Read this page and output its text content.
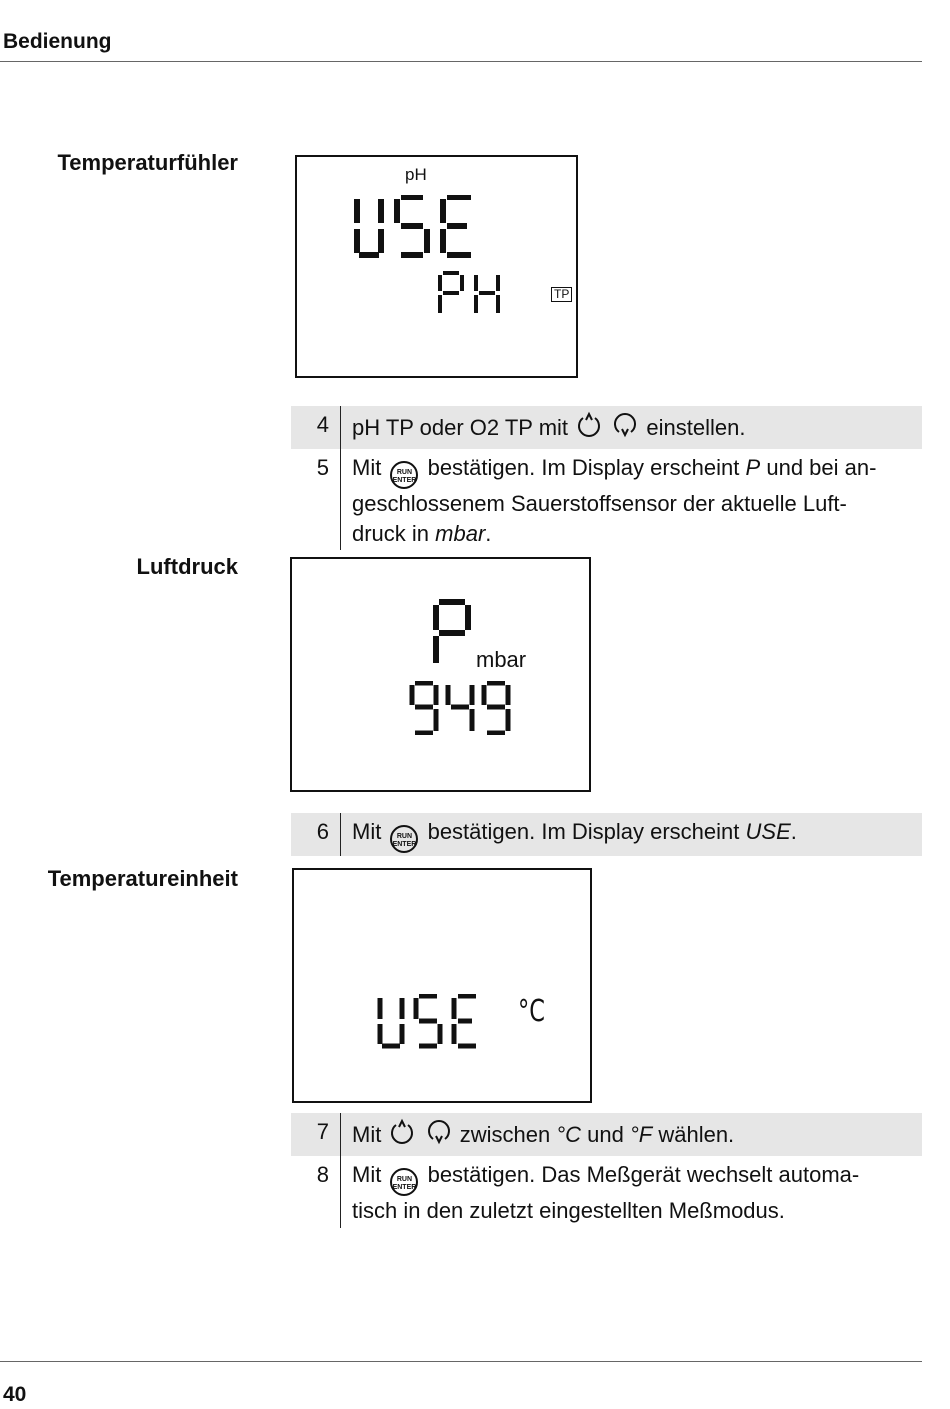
Bedienung
Temperaturfühler
Luftdruck
Temperatureinheit
pH
TP
4 pH TP oder O2 TP mit	einstellen.
5 Mit RUN
ENTER bestätigen. Im Display erscheint P und bei an-
geschlossenem Sauerstoffsensor der aktuelle Luft-
druck in mbar.
mbar
6 Mit RUN
ENTER bestätigen. Im Display erscheint USE.
°C
7 Mit	zwischen °C und °F wählen.
8 Mit RUN
ENTER bestätigen. Das Meßgerät wechselt automa-
tisch in den zuletzt eingestellten Meßmodus.
40
